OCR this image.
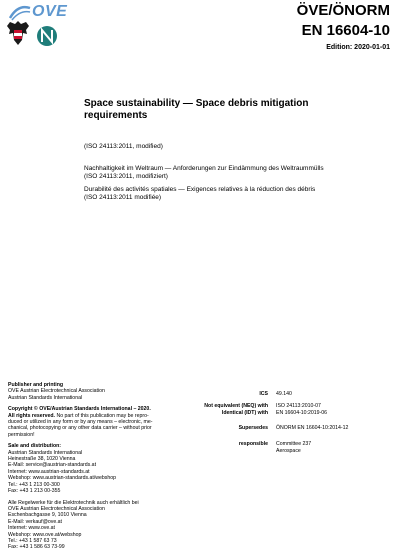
OVE	ÖVE/ÖNORM
EN 16604-10
Edition: 2020-01-01
Space sustainability — Space debris mitigation requirements
(ISO 24113:2011, modified)
Nachhaltigkeit im Weltraum — Anforderungen zur Eindämmung des Weltraummülls
(ISO 24113:2011, modifiziert)
Durabilité des activités spatiales — Exigences relatives à la réduction des débris
(ISO 24113:2011 modifiée)

Publisher and printing

OVE Austrian Electrotechnical Association

Austrian Standards International

Copyright © OVE/Austrian Standards International – 2020.

All rights reserved. No part of this publication may be repro-

duced or utilized in any form or by any means – electronic, me-

chanical, photocopying or any other data carrier – without prior

permission!

Sale and distribution:

Austrian Standards International

Heinestraße 38, 1020 Vienna

E-Mail: service@austrian-standards.at

Internet: www.austrian-standards.at

Webshop: www.austrian-standards.at/webshop

Tel.: +43 1 213 00-300

Fax: +43 1 213 00-355

Alle Regelwerke für die Elektrotechnik auch erhältlich bei

OVE Austrian Electrotechnical Association

Eschenbachgasse 9, 1010 Vienna

E-Mail: verkauf@ove.at

Internet: www.ove.at

Webshop: www.ove.at/webshop

Tel.: +43 1 587 63 73

Fax: +43 1 586 63 73-99

ICS 49.140
Not equivalent (NEQ) with
Identical (IDT) with
ISO 24113:2010-07
EN 16604-10:2019-06
Supersedes ÖNORM EN 16604-10:2014-12
responsible Committee 237
Aerospace
